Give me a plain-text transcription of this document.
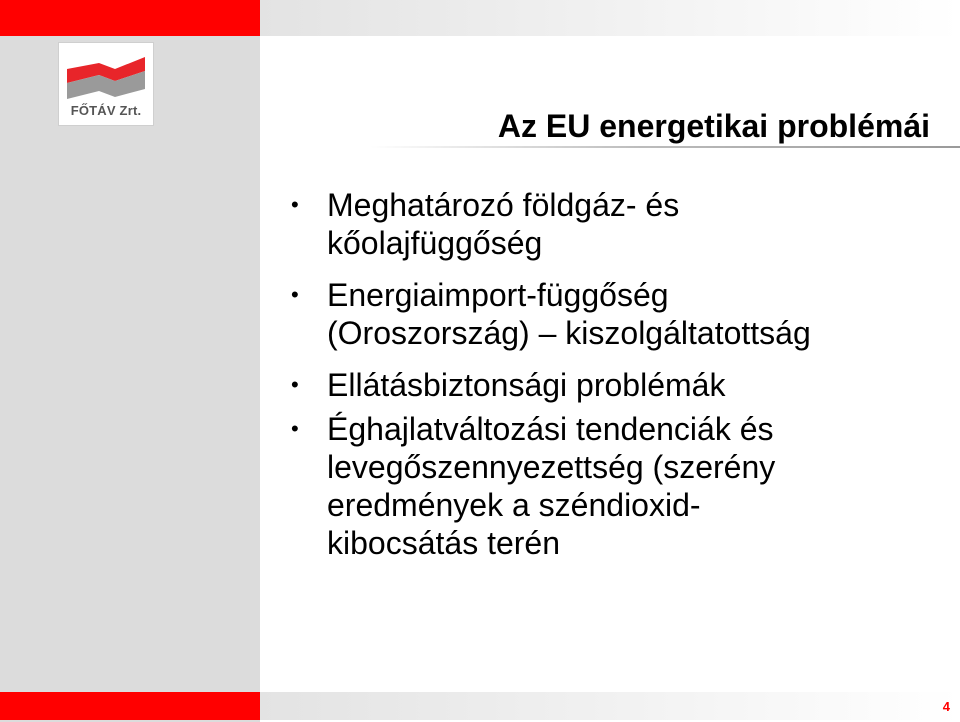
FŐTÁV Zrt.	Az EU energetikai problémái
• Meghatározó földgáz- és
kőolajfüggőség
• Energiaimport-függőség
(Oroszország) – kiszolgáltatottság
• Ellátásbiztonsági problémák
• Éghajlatváltozási tendenciák és
levegőszennyezettség (szerény
eredmények a széndioxid-
kibocsátás terén
4
